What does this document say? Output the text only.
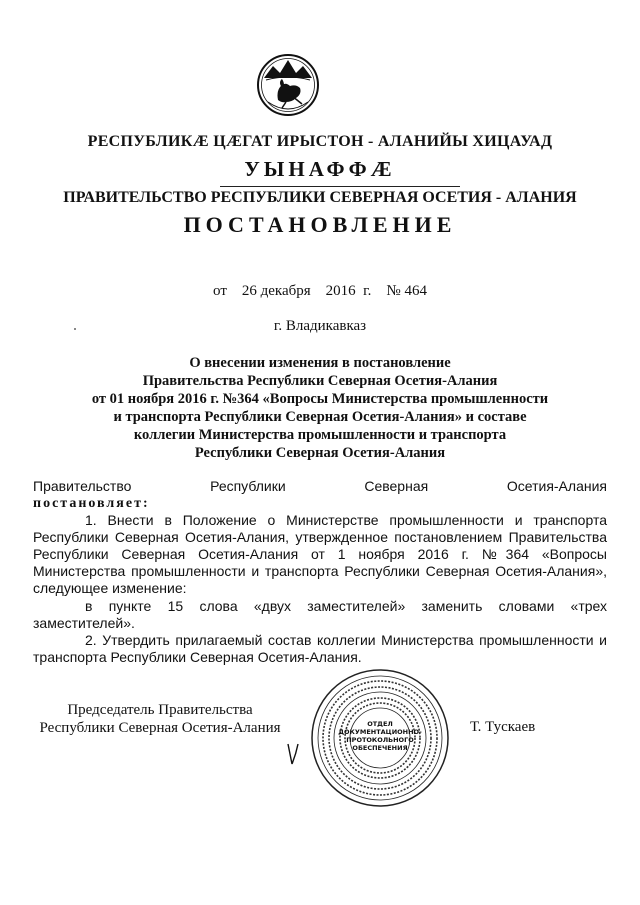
РЕСПУБЛИКӔ ЦӔГАТ ИРЫСТОН - АЛАНИЙЫ ХИЦАУАД
УЫНАФФӔ
ПРАВИТЕЛЬСТВО РЕСПУБЛИКИ СЕВЕРНАЯ ОСЕТИЯ - АЛАНИЯ
ПОСТАНОВЛЕНИЕ
от    26 декабря    2016  г.    № 464
г. Владикавказ
О внесении изменения в постановление
Правительства Республики Северная Осетия-Алания
от 01 ноября 2016 г. №364 «Вопросы Министерства промышленности
и транспорта Республики Северная Осетия-Алания» и составе
коллегии Министерства промышленности и транспорта
Республики Северная Осетия-Алания
Правительство Республики Северная Осетия-Алания
постановляет:
1. Внести в Положение о Министерстве промышленности и транспорта Республики Северная Осетия-Алания, утвержденное постановлением Правительства Республики Северная Осетия-Алания от 1 ноября 2016 г. №364 «Вопросы Министерства промышленности и транспорта Республики Северная Осетия-Алания», следующее изменение:
в пункте 15 слова «двух заместителей» заменить словами «трех заместителей».
2. Утвердить прилагаемый состав коллегии Министерства промышленности и транспорта Республики Северная Осетия-Алания.
Председатель Правительства
Республики Северная Осетия-Алания	ОТДЕЛ
ДОКУМЕНТАЦИОННО-
ПРОТОКОЛЬНОГО
ОБЕСПЕЧЕНИЯ
Т. Тускаев
